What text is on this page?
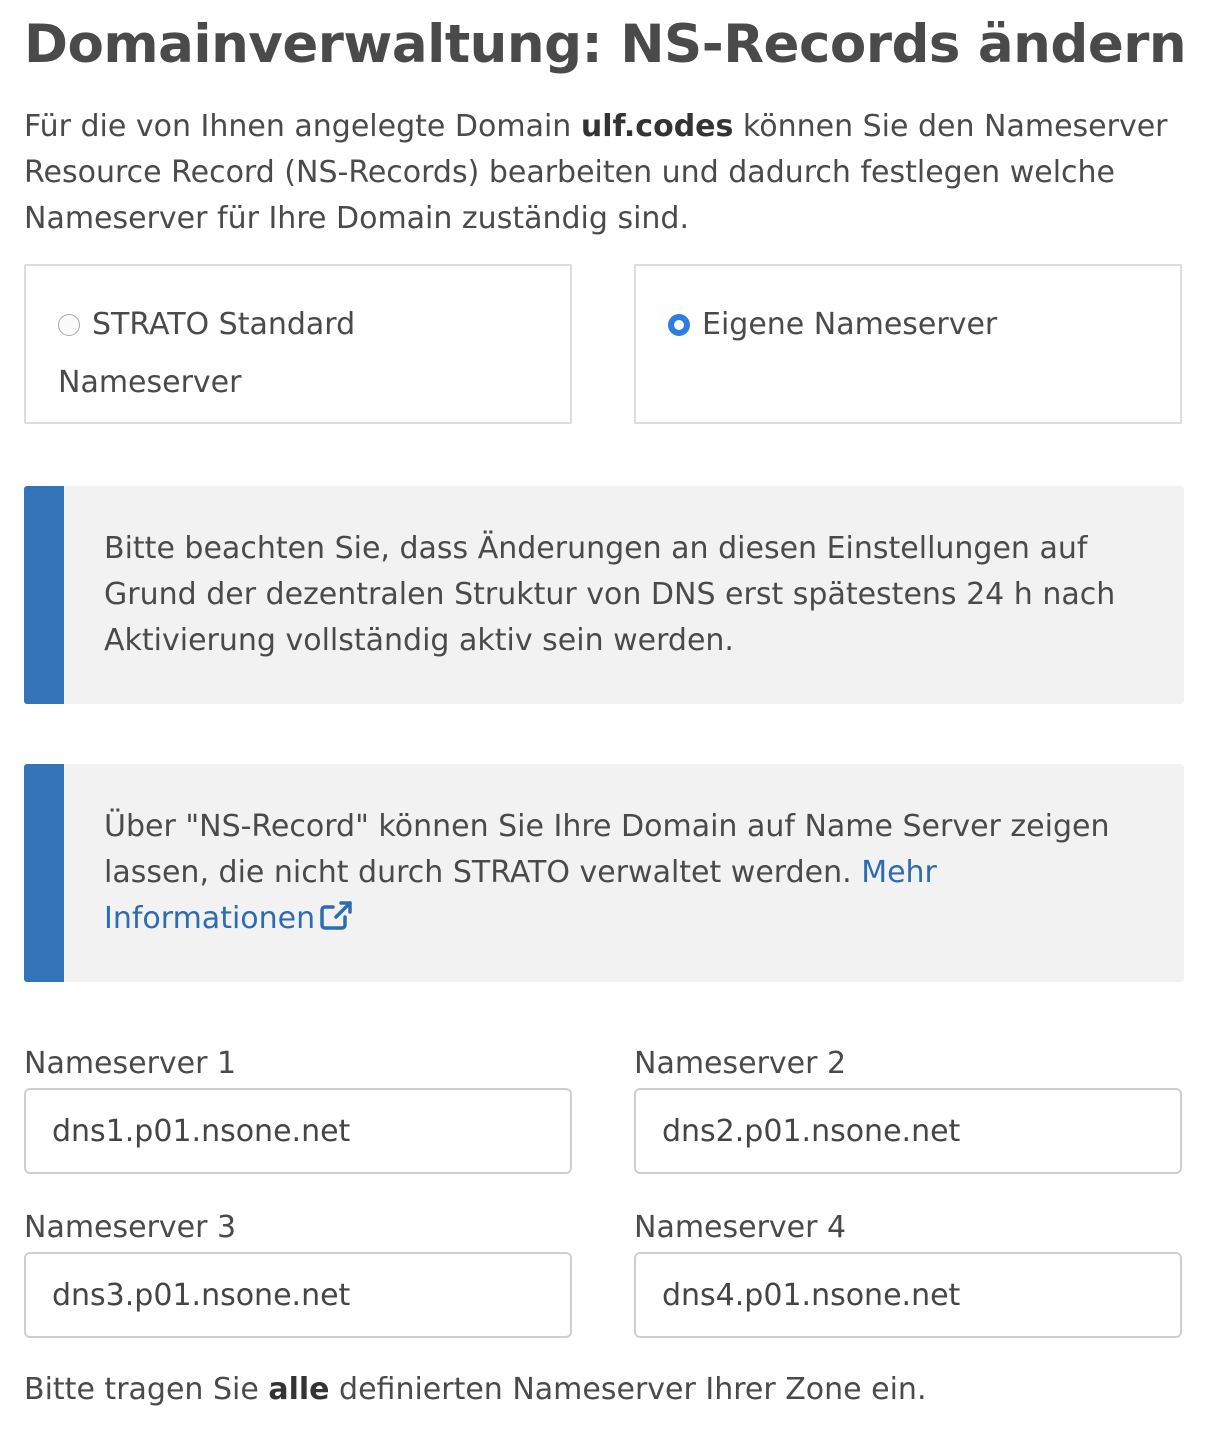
Domainverwaltung: NS-Records ändern

Für die von Ihnen angelegte Domain ulf.codes können Sie den Nameserver Resource Record (NS-Records) bearbeiten und dadurch festlegen welche Nameserver für Ihre Domain zuständig sind.

STRATO Standard Nameserver
Eigene Nameserver

Bitte beachten Sie, dass Änderungen an diesen Einstellungen auf Grund der dezentralen Struktur von DNS erst spätestens 24 h nach Aktivierung vollständig aktiv sein werden.

Über "NS-Record" können Sie Ihre Domain auf Name Server zeigen lassen, die nicht durch STRATO verwaltet werden. Mehr Informationen

Nameserver 1
dns1.p01.nsone.net	Nameserver 2
dns2.p01.nsone.net
Nameserver 3
dns3.p01.nsone.net	Nameserver 4
dns4.p01.nsone.net

Bitte tragen Sie alle definierten Nameserver Ihrer Zone ein.
